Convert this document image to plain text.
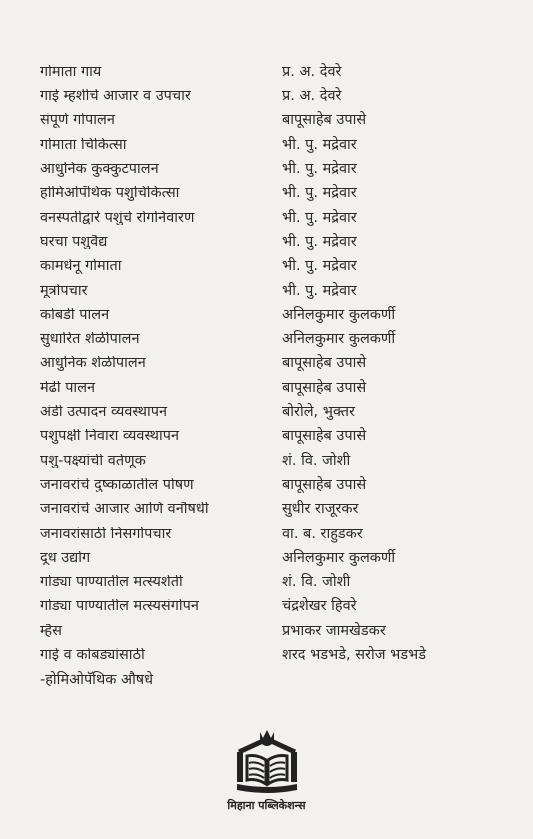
गोमाता गाय	प्र. अ. देवरे
गाई म्हशींचे आजार व उपचार	प्र. अ. देवरे
संपूर्ण गोपालन	बापूसाहेब उपासे
गोमाता चिकित्सा	भी. पु. मद्रेवार
आधुनिक कुक्कुटपालन	भी. पु. मद्रेवार
होमिओपॅथिक पशुचिकित्सा	भी. पु. मद्रेवार
वनस्पतींद्वारे पशुंचे रोगनिवारण	भी. पु. मद्रेवार
घरचा पशुवैद्य	भी. पु. मद्रेवार
कामधेनू गोमाता	भी. पु. मद्रेवार
मूत्रोपचार	भी. पु. मद्रेवार
कोंबडी पालन	अनिलकुमार कुलकर्णी
सुधारित शेळीपालन	अनिलकुमार कुलकर्णी
आधुनिक शेळीपालन	बापूसाहेब उपासे
मेंढी पालन	बापूसाहेब उपासे
अंडी उत्पादन व्यवस्थापन	बोरोले, भुक्तर
पशुपक्षी निवारा व्यवस्थापन	बापूसाहेब उपासे
पशु-पक्ष्यांची वर्तणूक	शं. वि. जोशी
जनावरांचे दुष्काळातील पोषण	बापूसाहेब उपासे
जनावरांचे आजार आणि वनौषधी	सुधीर राजूरकर
जनावरांसाठी निसर्गोपचार	वा. ब. राहुडकर
दूध उद्योग	अनिलकुमार कुलकर्णी
गोड्या पाण्यातील मत्स्यशेती	शं. वि. जोशी
गोड्या पाण्यातील मत्स्यसंगोपन	चंद्रशेखर हिवरे
म्हैस	प्रभाकर जामखेडकर
गाई व कोंबड्यांसाठी	शरद भडभडे, सरोज भडभडे
-होमिओपॅथिक औषधे
मिहाना पब्लिकेशन्स
